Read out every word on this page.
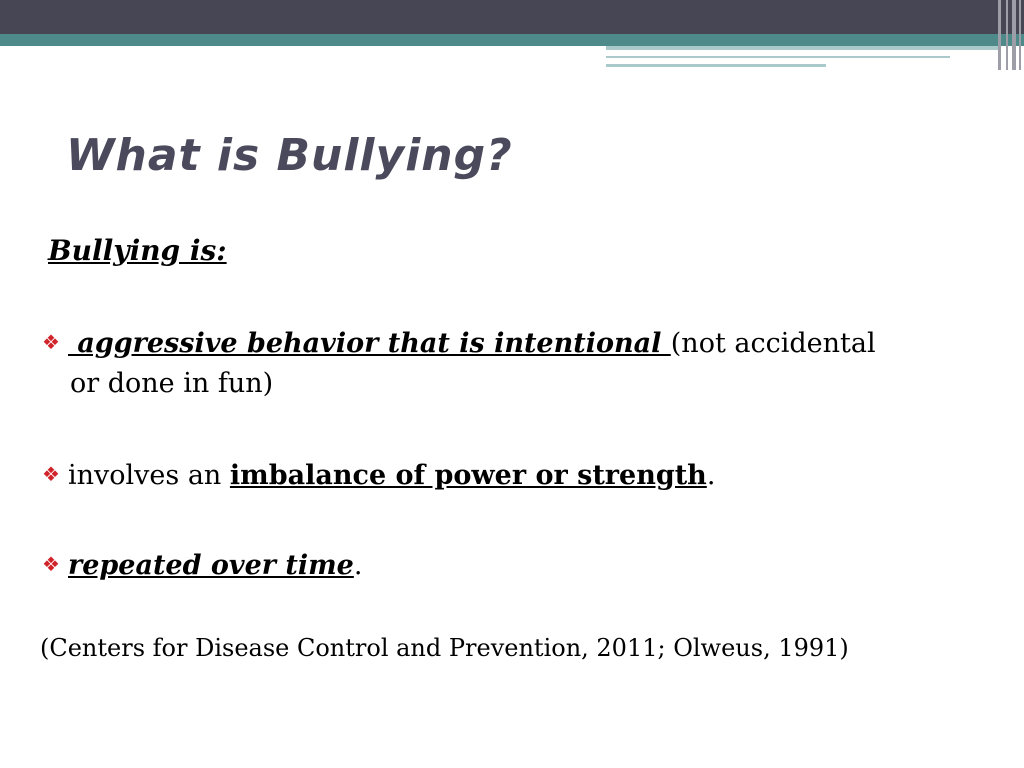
What is Bullying?
Bullying is:
❖ aggressive behavior that is intentional (not accidental or done in fun)
❖ involves an imbalance of power or strength.
❖ repeated over time.
(Centers for Disease Control and Prevention, 2011; Olweus, 1991)
